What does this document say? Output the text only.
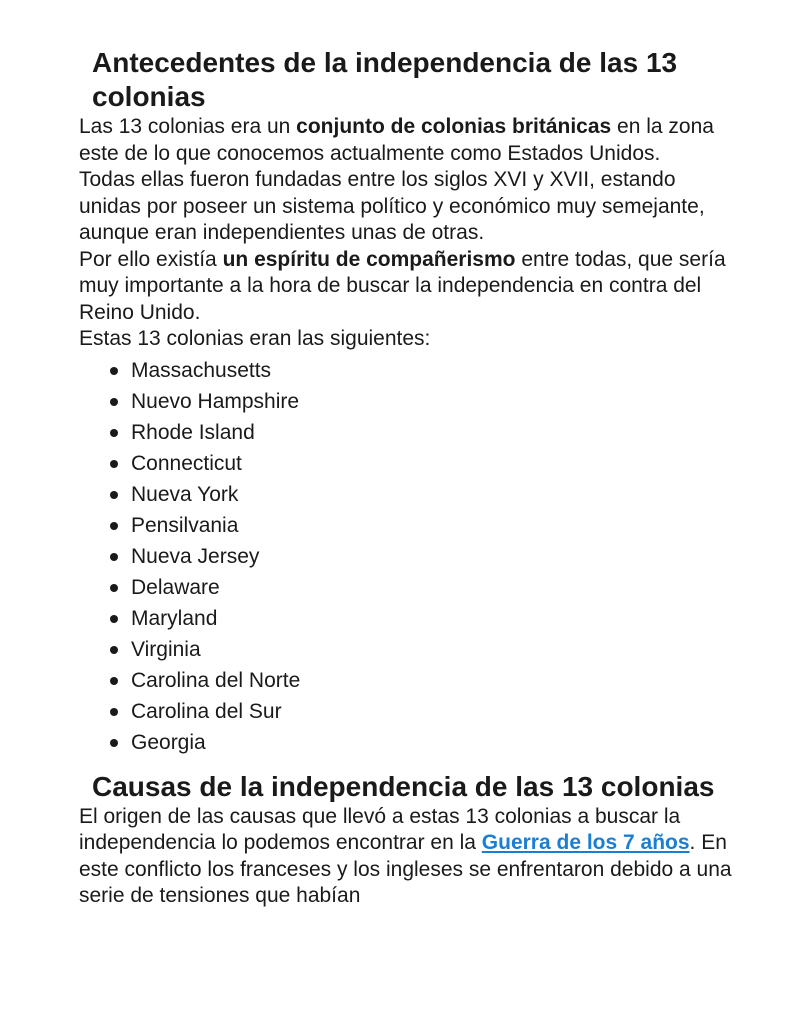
Antecedentes de la independencia de las 13 colonias

Las 13 colonias era un conjunto de colonias británicas en la zona este de lo que conocemos actualmente como Estados Unidos.

Todas ellas fueron fundadas entre los siglos XVI y XVII, estando unidas por poseer un sistema político y económico muy semejante, aunque eran independientes unas de otras.

Por ello existía un espíritu de compañerismo entre todas, que sería muy importante a la hora de buscar la independencia en contra del Reino Unido.

Estas 13 colonias eran las siguientes:

Massachusetts
Nuevo Hampshire
Rhode Island
Connecticut
Nueva York
Pensilvania
Nueva Jersey
Delaware
Maryland
Virginia
Carolina del Norte
Carolina del Sur
Georgia
Causas de la independencia de las 13 colonias

El origen de las causas que llevó a estas 13 colonias a buscar la independencia lo podemos encontrar en la Guerra de los 7 años. En este conflicto los franceses y los ingleses se enfrentaron debido a una serie de tensiones que habían
